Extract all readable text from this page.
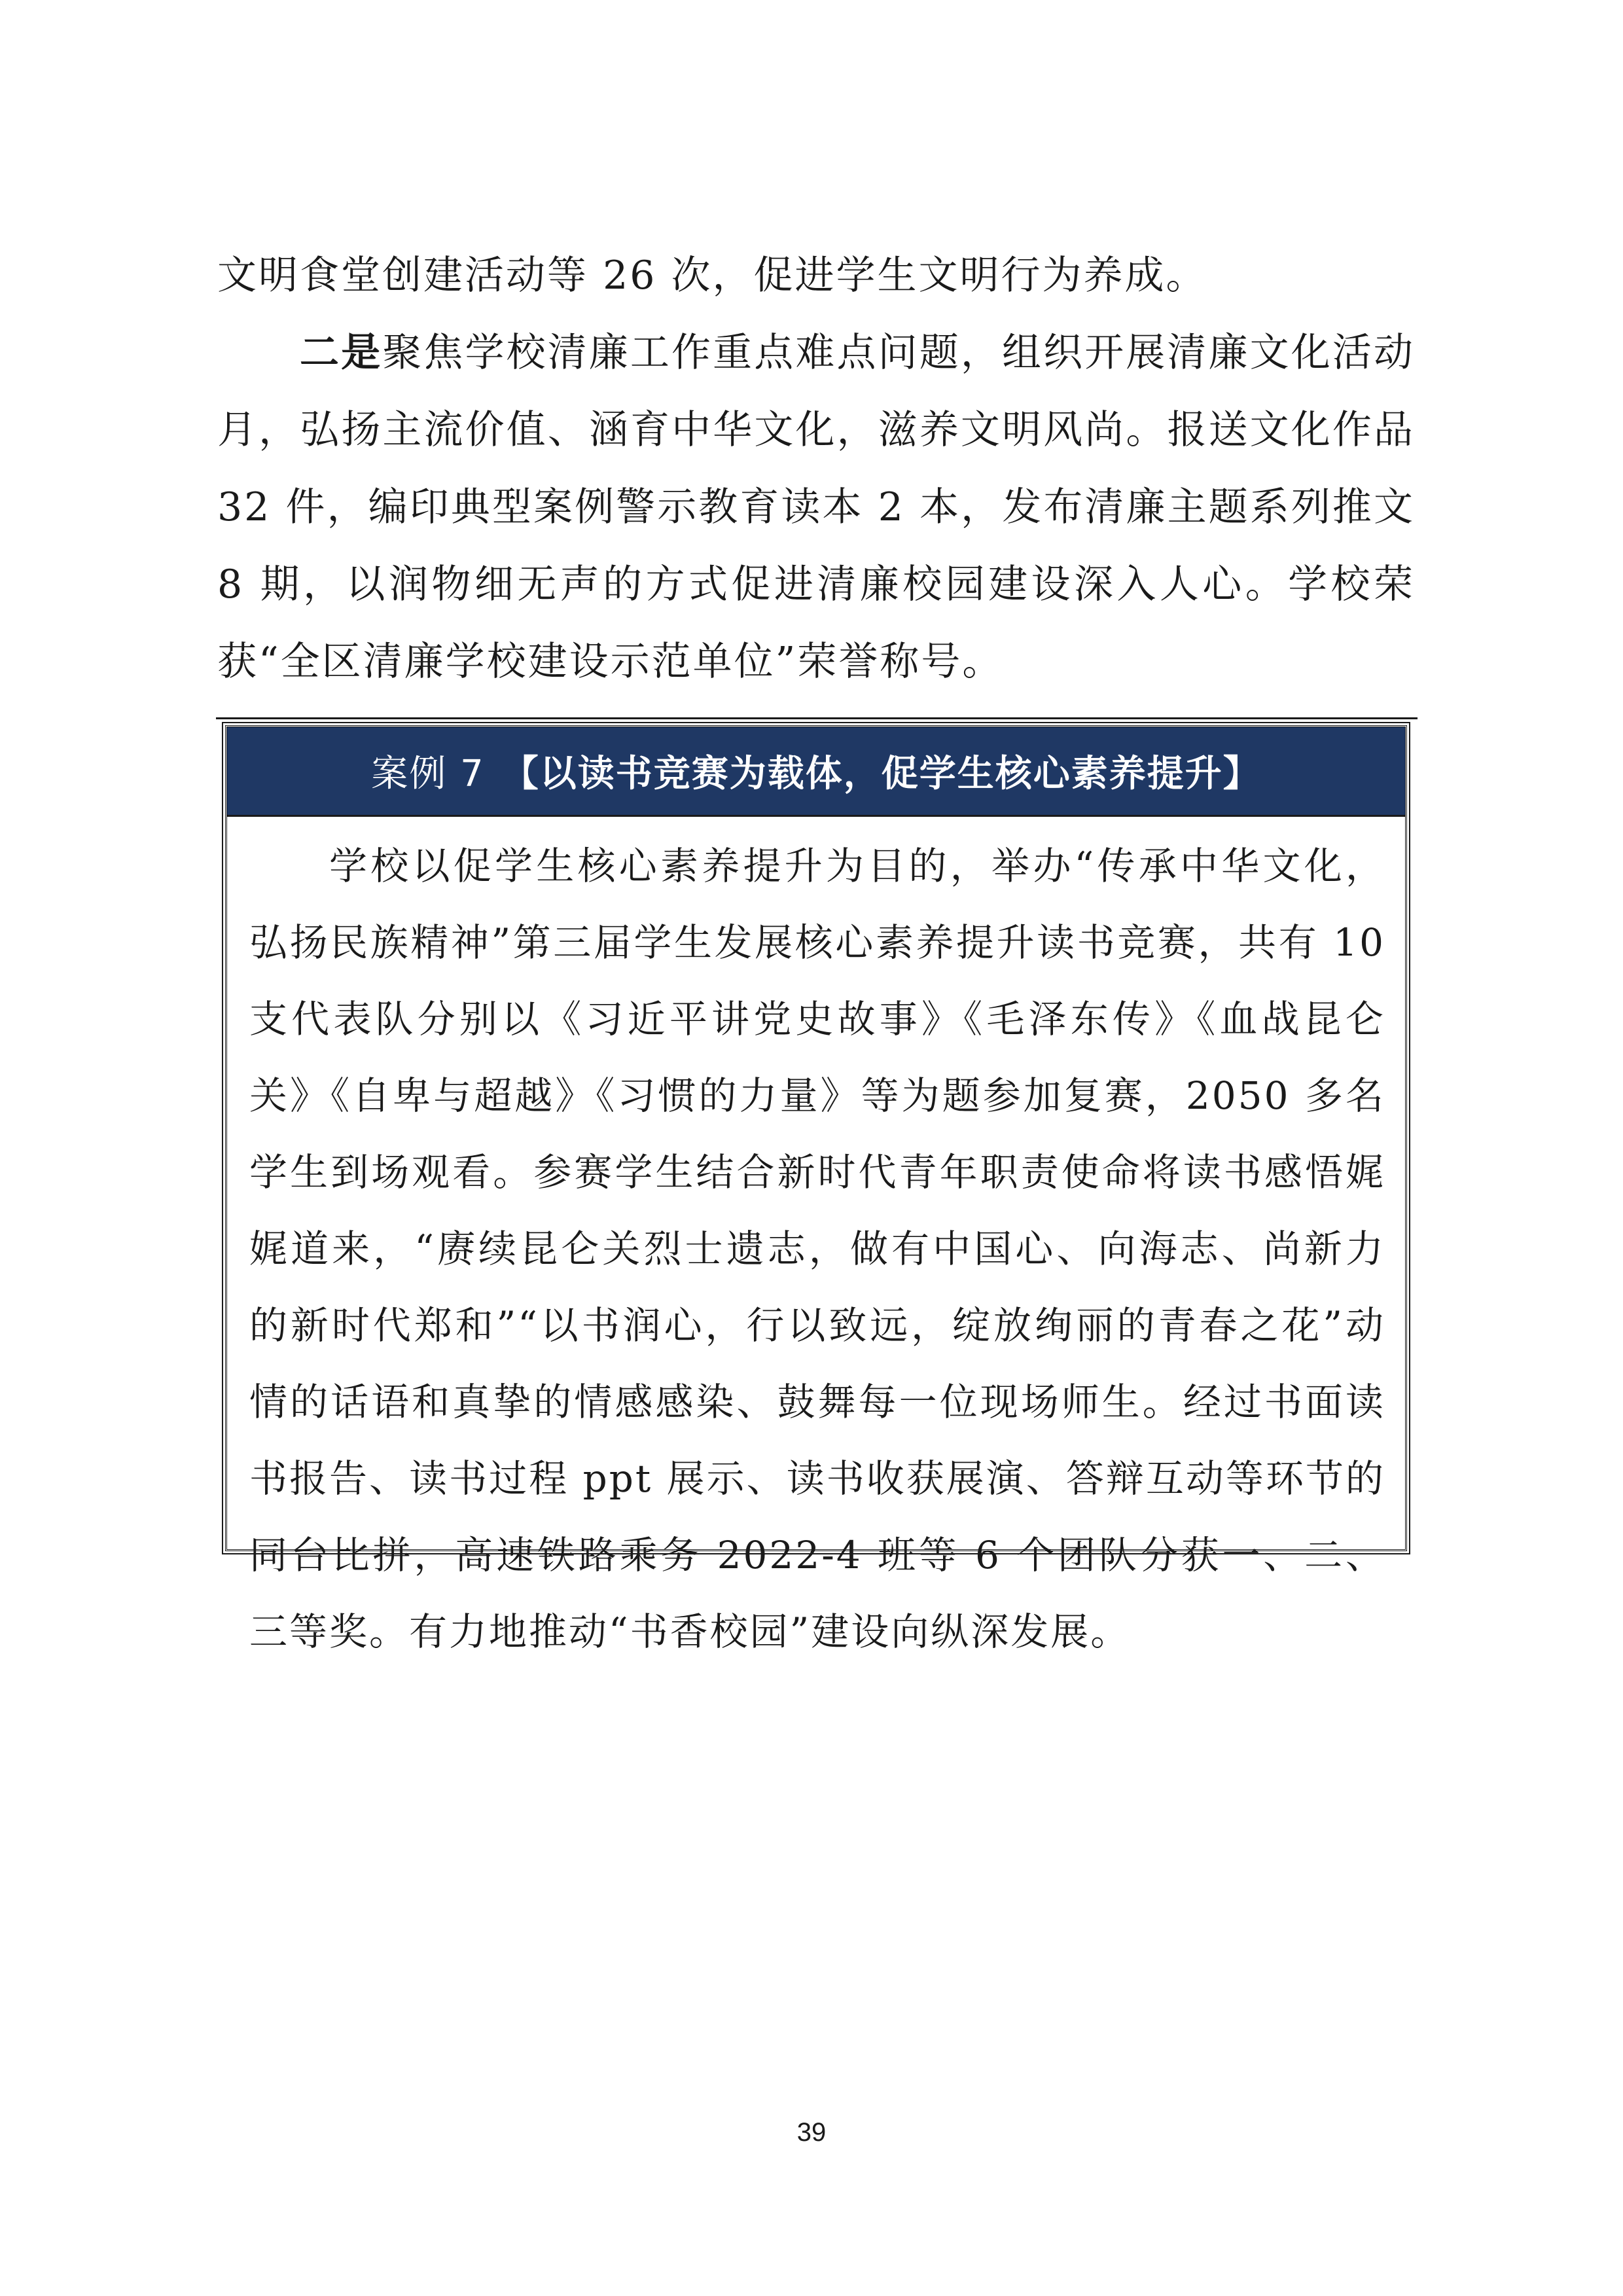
文明食堂创建活动等 26 次，促进学生文明行为养成。

二是聚焦学校清廉工作重点难点问题，组织开展清廉文化活动月，弘扬主流价值、涵育中华文化，滋养文明风尚。报送文化作品 32 件，编印典型案例警示教育读本 2 本，发布清廉主题系列推文 8 期，以润物细无声的方式促进清廉校园建设深入人心。学校荣获“全区清廉学校建设示范单位”荣誉称号。

案例 7 【以读书竞赛为载体，促学生核心素养提升】

学校以促学生核心素养提升为目的，举办“传承中华文化，弘扬民族精神”第三届学生发展核心素养提升读书竞赛，共有 10 支代表队分别以《习近平讲党史故事》《毛泽东传》《血战昆仑关》《自卑与超越》《习惯的力量》等为题参加复赛，2050 多名学生到场观看。参赛学生结合新时代青年职责使命将读书感悟娓娓道来，“赓续昆仑关烈士遗志，做有中国心、向海志、尚新力的新时代郑和”“以书润心，行以致远，绽放绚丽的青春之花”动情的话语和真挚的情感感染、鼓舞每一位现场师生。经过书面读书报告、读书过程 ppt 展示、读书收获展演、答辩互动等环节的同台比拼，高速铁路乘务 2022-4 班等 6 个团队分获一、二、三等奖。有力地推动“书香校园”建设向纵深发展。

39
